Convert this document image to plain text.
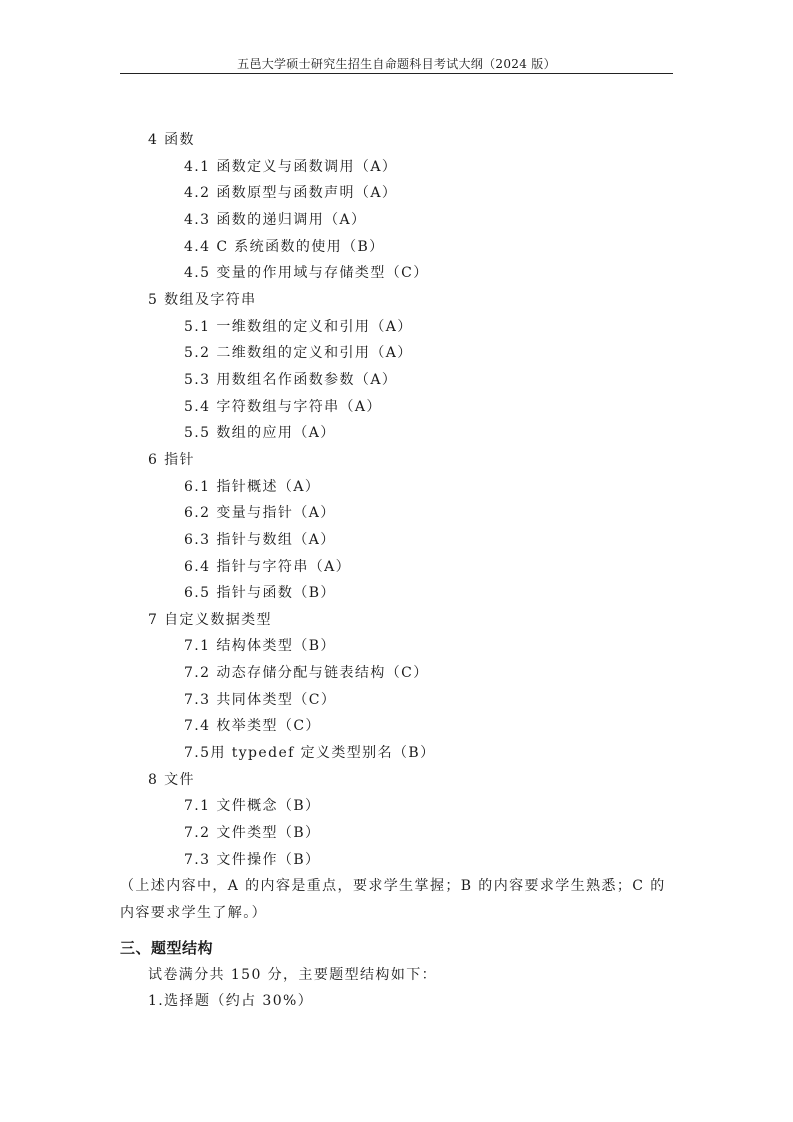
五邑大学硕士研究生招生自命题科目考试大纲（2024 版）
4 函数
4.1 函数定义与函数调用（A）
4.2 函数原型与函数声明（A）
4.3 函数的递归调用（A）
4.4 C 系统函数的使用（B）
4.5 变量的作用域与存储类型（C）
5 数组及字符串
5.1 一维数组的定义和引用（A）
5.2 二维数组的定义和引用（A）
5.3 用数组名作函数参数（A）
5.4 字符数组与字符串（A）
5.5 数组的应用（A）
6 指针
6.1 指针概述（A）
6.2 变量与指针（A）
6.3 指针与数组（A）
6.4 指针与字符串（A）
6.5 指针与函数（B）
7 自定义数据类型
7.1 结构体类型（B）
7.2 动态存储分配与链表结构（C）
7.3 共同体类型（C）
7.4 枚举类型（C）
7.5用 typedef 定义类型别名（B）
8 文件
7.1 文件概念（B）
7.2 文件类型（B）
7.3 文件操作（B）
（上述内容中，A 的内容是重点，要求学生掌握；B 的内容要求学生熟悉；C 的
内容要求学生了解。）
三、题型结构
试卷满分共 150 分，主要题型结构如下：
1.选择题（约占 30%）
